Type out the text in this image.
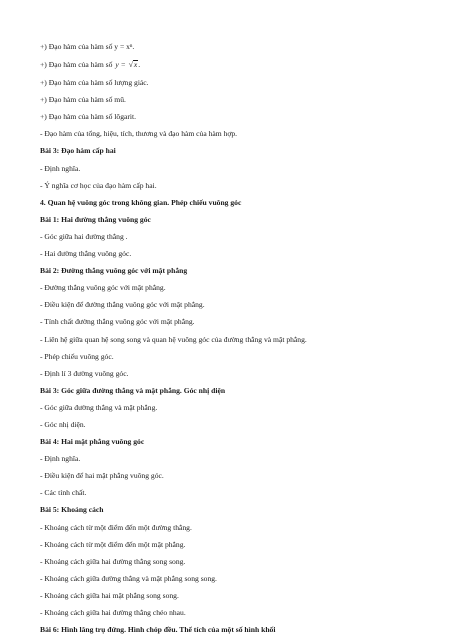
+) Đạo hàm của hàm số y = xⁿ.
+) Đạo hàm của hàm số y = √x.
+) Đạo hàm của hàm số lượng giác.
+) Đạo hàm của hàm số mũ.
+) Đạo hàm của hàm số lôgarit.
- Đạo hàm của tổng, hiệu, tích, thương và đạo hàm của hàm hợp.
Bài 3: Đạo hàm cấp hai
- Định nghĩa.
- Ý nghĩa cơ học của đạo hàm cấp hai.
4. Quan hệ vuông góc trong không gian. Phép chiếu vuông góc
Bài 1: Hai đường thẳng vuông góc
- Góc giữa hai đường thẳng .
- Hai đường thẳng vuông góc.
Bài 2: Đường thẳng vuông góc với mặt phẳng
- Đường thẳng vuông góc với mặt phẳng.
- Điều kiện để đường thẳng vuông góc với mặt phẳng.
- Tính chất đường thẳng vuông góc với mặt phẳng.
- Liên hệ giữa quan hệ song song và quan hệ vuông góc của đường thẳng và mặt phẳng.
- Phép chiếu vuông góc.
- Định lí 3 đường vuông góc.
Bài 3: Góc giữa đường thẳng và mặt phẳng. Góc nhị diện
- Góc giữa đường thẳng và mặt phẳng.
- Góc nhị diện.
Bài 4: Hai mặt phẳng vuông góc
- Định nghĩa.
- Điều kiện để hai mặt phẳng vuông góc.
- Các tính chất.
Bài 5: Khoảng cách
- Khoảng cách từ một điểm đến một đường thẳng.
- Khoảng cách từ một điểm đến một mặt phẳng.
- Khoảng cách giữa hai đường thẳng song song.
- Khoảng cách giữa đường thẳng và mặt phẳng song song.
- Khoảng cách giữa hai mặt phẳng song song.
- Khoảng cách giữa hai đường thẳng chéo nhau.
Bài 6: Hình lăng trụ đứng. Hình chóp đều. Thể tích của một số hình khối
